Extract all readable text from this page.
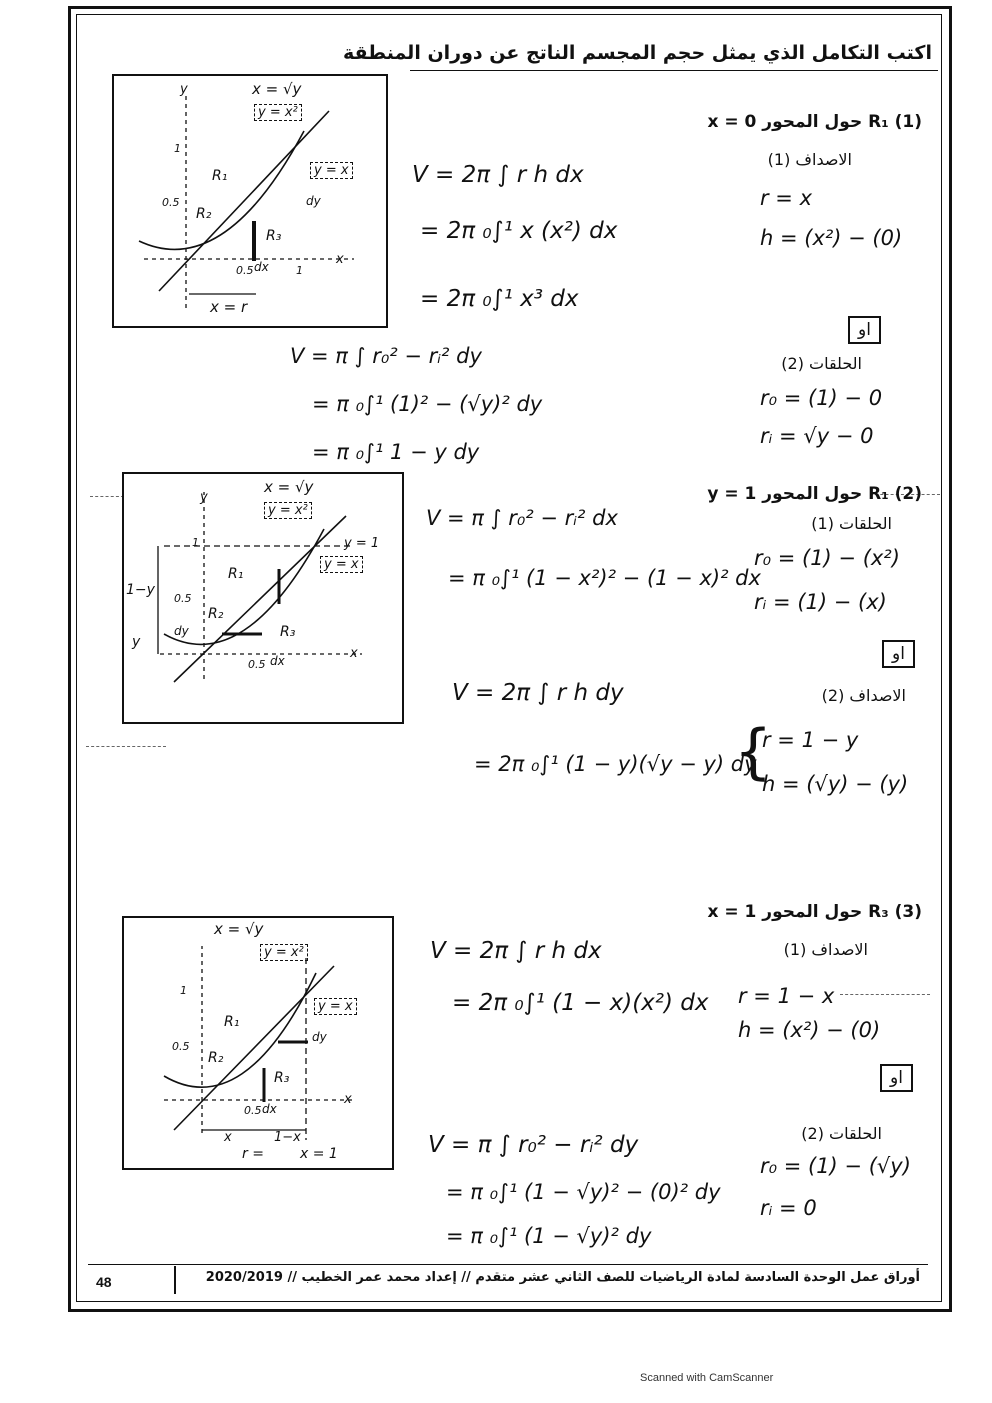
اكتب التكامل الذي يمثل حجم المجسم الناتج عن دوران المنطقة
x = √y
y = x²
y = x
R₁
R₂
R₃
1
0.5
0.5	1
y
x
dx
dy
x = r
(1) R₁ حول المحور x = 0
الاصداف (1)
r = x
h = (x²) − (0)
V = 2π ∫ r h dx
= 2π ₀∫¹ x (x²) dx
= 2π ₀∫¹ x³ dx
او
الحلقات (2)
r₀ = (1) − 0
rᵢ = √y − 0
V = π ∫ r₀² − rᵢ² dy
= π ₀∫¹ (1)² − (√y)² dy
= π ₀∫¹ 1 − y dy
x = √y
y = x²
y = x
y = 1
R₁
R₂
R₃
1
0.5
0.5
y
x
dx
dy
1−y
y
(2) R₁ حول المحور y = 1
الحلقات (1)
r₀ = (1) − (x²)
rᵢ = (1) − (x)
V = π ∫ r₀² − rᵢ² dx
= π ₀∫¹ (1 − x²)² − (1 − x)² dx
او
الاصداف (2)
V = 2π ∫ r h dy
= 2π ₀∫¹ (1 − y)(√y − y) dy
{
r = 1 − y
h = (√y) − (y)
x = √y
y = x²
y = x
R₁
R₂
R₃
1
0.5
0.5
x
dx
dy
x	1−x
r =	x = 1
(3) R₃ حول المحور x = 1
الاصداف (1)
r = 1 − x
h = (x²) − (0)
V = 2π ∫ r h dx
= 2π ₀∫¹ (1 − x)(x²) dx
او
الحلقات (2)
r₀ = (1) − (√y)
rᵢ = 0
V = π ∫ r₀² − rᵢ² dy
= π ₀∫¹ (1 − √y)² − (0)² dy
= π ₀∫¹ (1 − √y)² dy
48	أوراق عمل الوحدة السادسة لمادة الرياضيات للصف الثاني عشر متقدم // إعداد محمد عمر الخطيب // 2020/2019
Scanned with CamScanner
